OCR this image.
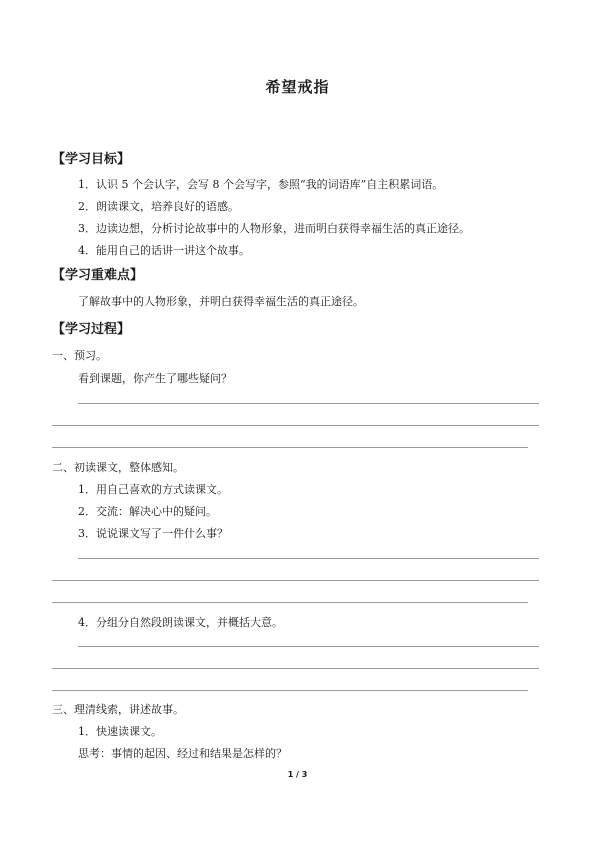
希望戒指
【学习目标】
1．认识 5 个会认字，会写 8 个会写字，参照“我的词语库”自主积累词语。
2．朗读课文，培养良好的语感。
3．边读边想，分析讨论故事中的人物形象，进而明白获得幸福生活的真正途径。
4．能用自己的话讲一讲这个故事。
【学习重难点】
了解故事中的人物形象，并明白获得幸福生活的真正途径。
【学习过程】
一、预习。
看到课题，你产生了哪些疑问？
二、初读课文，整体感知。
1．用自己喜欢的方式读课文。
2．交流：解决心中的疑问。
3．说说课文写了一件什么事？
4．分组分自然段朗读课文，并概括大意。
三、理清线索，讲述故事。
1．快速读课文。
思考：事情的起因、经过和结果是怎样的？
1 / 3
